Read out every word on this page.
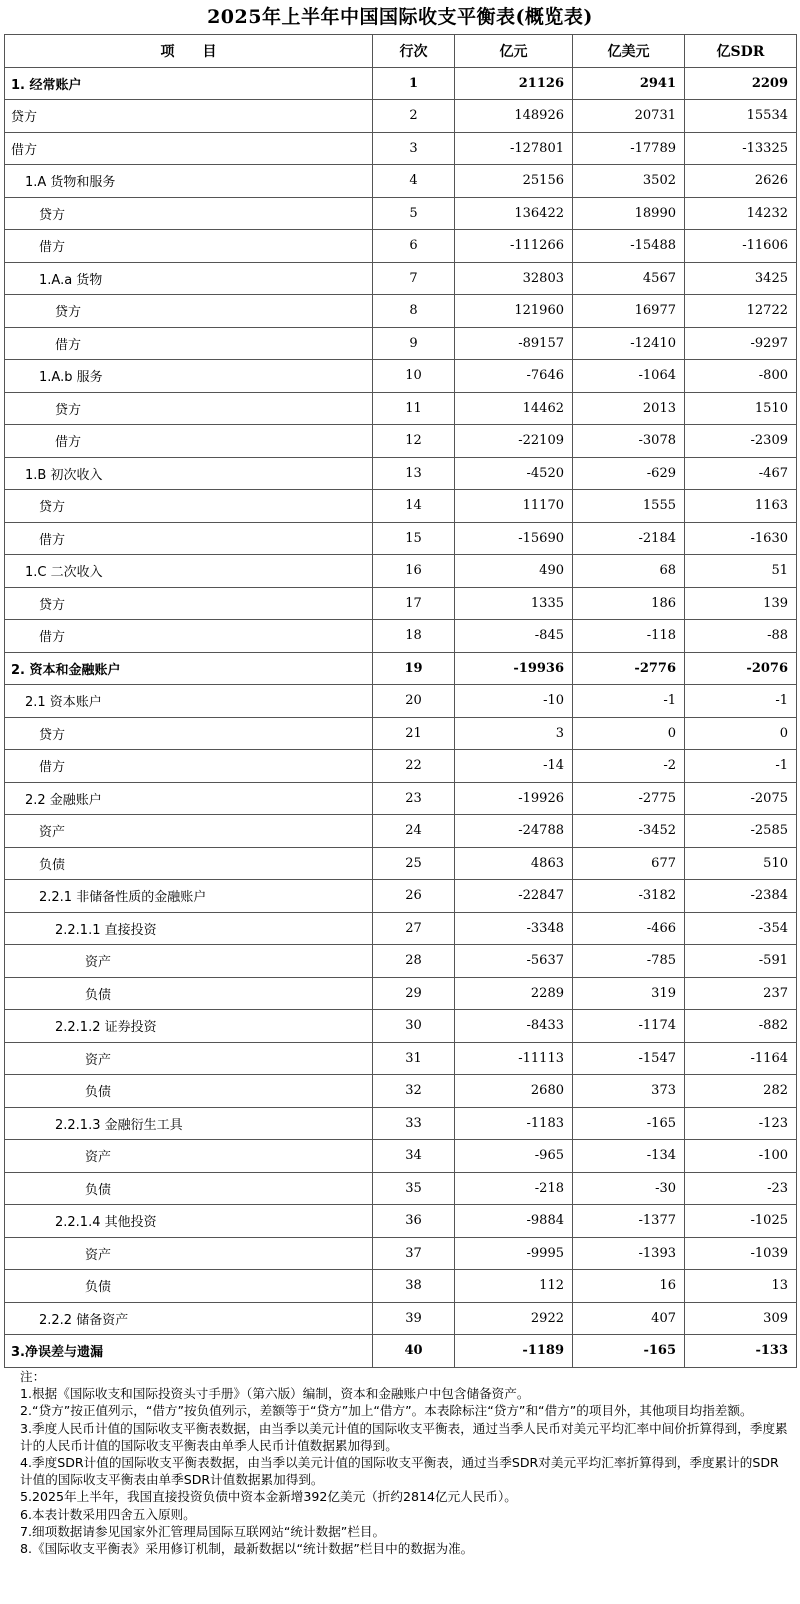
2025年上半年中国国际收支平衡表(概览表)
项　　目	行次	亿元	亿美元	亿SDR
1. 经常账户	1	21126	2941	2209
贷方	2	148926	20731	15534
借方	3	-127801	-17789	-13325
1.A 货物和服务	4	25156	3502	2626
贷方	5	136422	18990	14232
借方	6	-111266	-15488	-11606
1.A.a 货物	7	32803	4567	3425
贷方	8	121960	16977	12722
借方	9	-89157	-12410	-9297
1.A.b 服务	10	-7646	-1064	-800
贷方	11	14462	2013	1510
借方	12	-22109	-3078	-2309
1.B 初次收入	13	-4520	-629	-467
贷方	14	11170	1555	1163
借方	15	-15690	-2184	-1630
1.C 二次收入	16	490	68	51
贷方	17	1335	186	139
借方	18	-845	-118	-88
2. 资本和金融账户	19	-19936	-2776	-2076
2.1 资本账户	20	-10	-1	-1
贷方	21	3	0	0
借方	22	-14	-2	-1
2.2 金融账户	23	-19926	-2775	-2075
资产	24	-24788	-3452	-2585
负债	25	4863	677	510
2.2.1 非储备性质的金融账户	26	-22847	-3182	-2384
2.2.1.1 直接投资	27	-3348	-466	-354
资产	28	-5637	-785	-591
负债	29	2289	319	237
2.2.1.2 证券投资	30	-8433	-1174	-882
资产	31	-11113	-1547	-1164
负债	32	2680	373	282
2.2.1.3 金融衍生工具	33	-1183	-165	-123
资产	34	-965	-134	-100
负债	35	-218	-30	-23
2.2.1.4 其他投资	36	-9884	-1377	-1025
资产	37	-9995	-1393	-1039
负债	38	112	16	13
2.2.2 储备资产	39	2922	407	309
3.净误差与遗漏	40	-1189	-165	-133

注：

1.根据《国际收支和国际投资头寸手册》（第六版）编制，资本和金融账户中包含储备资产。

2.“贷方”按正值列示，“借方”按负值列示，差额等于“贷方”加上“借方”。本表除标注“贷方”和“借方”的项目外，其他项目均指差额。

3.季度人民币计值的国际收支平衡表数据，由当季以美元计值的国际收支平衡表，通过当季人民币对美元平均汇率中间价折算得到，季度累计的人民币计值的国际收支平衡表由单季人民币计值数据累加得到。

4.季度SDR计值的国际收支平衡表数据，由当季以美元计值的国际收支平衡表，通过当季SDR对美元平均汇率折算得到，季度累计的SDR计值的国际收支平衡表由单季SDR计值数据累加得到。

5.2025年上半年，我国直接投资负债中资本金新增392亿美元（折约2814亿元人民币）。

6.本表计数采用四舍五入原则。

7.细项数据请参见国家外汇管理局国际互联网站“统计数据”栏目。

8.《国际收支平衡表》采用修订机制，最新数据以“统计数据”栏目中的数据为准。
